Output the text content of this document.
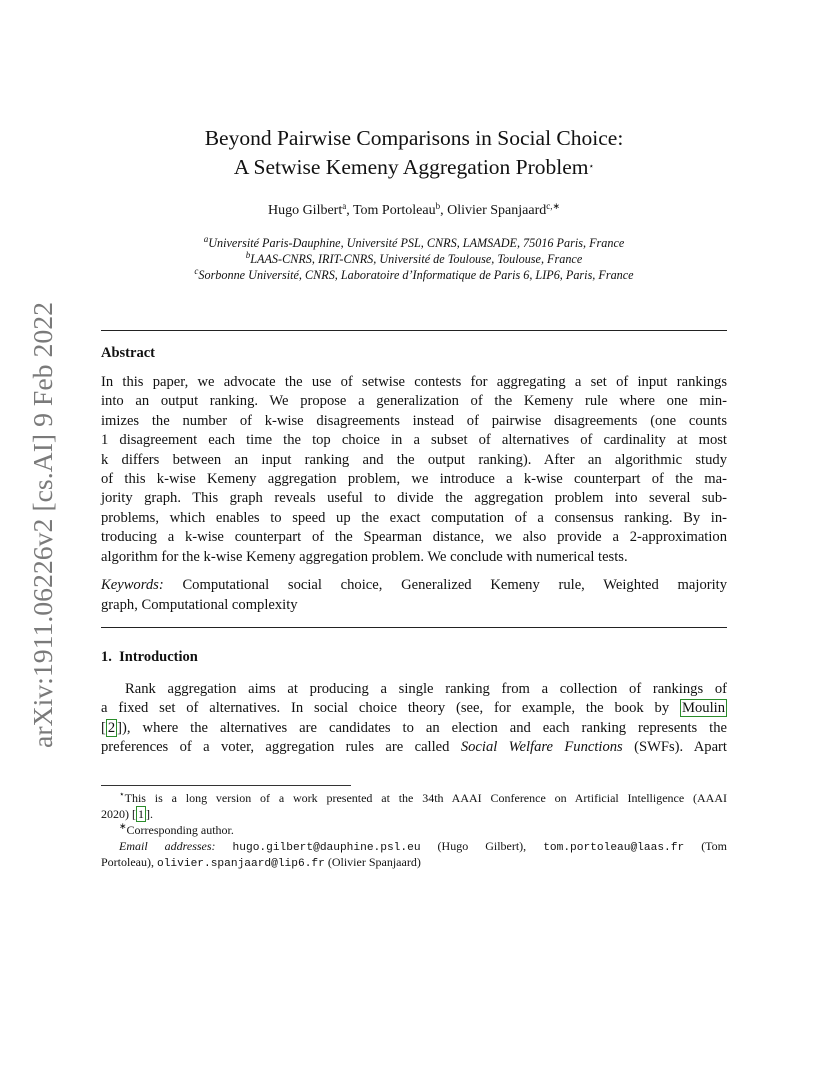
arXiv:1911.06226v2 [cs.AI] 9 Feb 2022
Beyond Pairwise Comparisons in Social Choice:
A Setwise Kemeny Aggregation Problem⋆
Hugo Gilbert$^a$, Tom Portoleau$^b$, Olivier Spanjaard$^{c,∗}$
$^a$Université Paris-Dauphine, Université PSL, CNRS, LAMSADE, 75016 Paris, France
$^b$LAAS-CNRS, IRIT-CNRS, Université de Toulouse, Toulouse, France
$^c$Sorbonne Université, CNRS, Laboratoire d’Informatique de Paris 6, LIP6, Paris, France
Abstract
In this paper, we advocate the use of setwise contests for aggregating a set of input rankings
into an output ranking. We propose a generalization of the Kemeny rule where one min-
imizes the number of k-wise disagreements instead of pairwise disagreements (one counts
1 disagreement each time the top choice in a subset of alternatives of cardinality at most
k differs between an input ranking and the output ranking). After an algorithmic study
of this k-wise Kemeny aggregation problem, we introduce a k-wise counterpart of the ma-
jority graph. This graph reveals useful to divide the aggregation problem into several sub-
problems, which enables to speed up the exact computation of a consensus ranking. By in-
troducing a k-wise counterpart of the Spearman distance, we also provide a 2-approximation
algorithm for the k-wise Kemeny aggregation problem. We conclude with numerical tests.
Keywords: Computational social choice, Generalized Kemeny rule, Weighted majority
graph, Computational complexity
1. Introduction
Rank aggregation aims at producing a single ranking from a collection of rankings of
a fixed set of alternatives. In social choice theory (see, for example, the book by Moulin
[ 2 ]), where the alternatives are candidates to an election and each ranking represents the
preferences of a voter, aggregation rules are called Social Welfare Functions (SWFs). Apart
⋆This is a long version of a work presented at the 34th AAAI Conference on Artificial Intelligence (AAAI
2020) [ 1 ].
∗Corresponding author.
Email addresses: hugo.gilbert@dauphine.psl.eu (Hugo Gilbert), tom.portoleau@laas.fr (Tom
Portoleau), olivier.spanjaard@lip6.fr (Olivier Spanjaard)
